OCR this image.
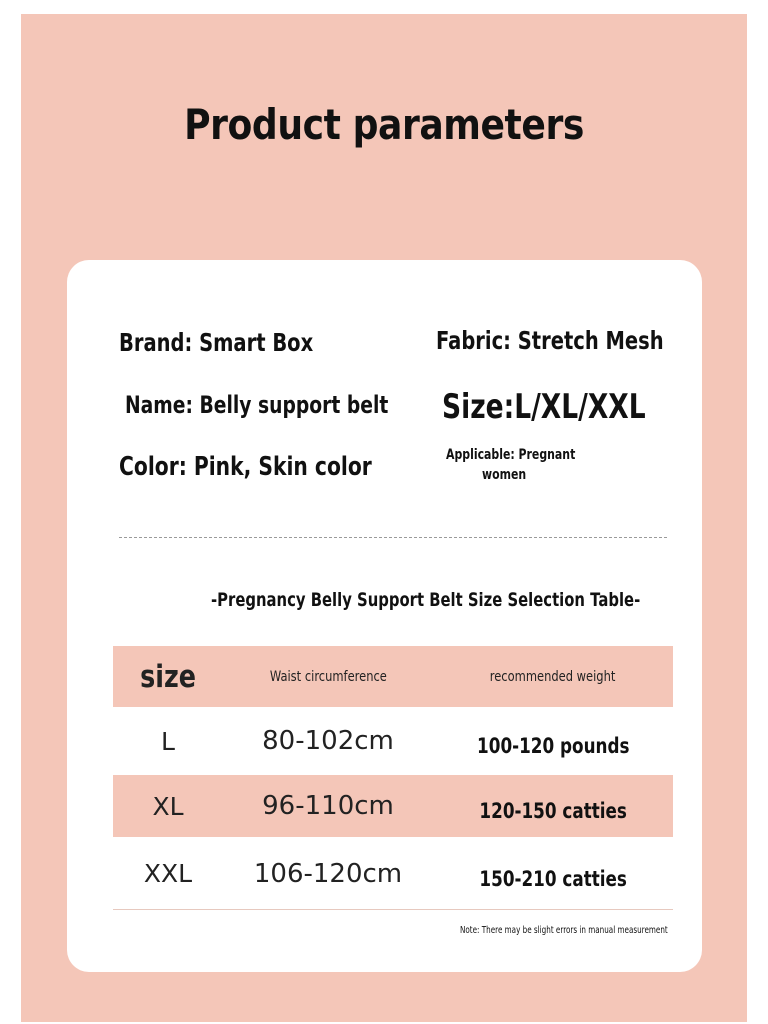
Product parameters
Brand: Smart Box	Fabric: Stretch Mesh
Name: Belly support belt Size:L/XL/XXL
Color: Pink, Skin color	Applicable: Pregnant
women
-Pregnancy Belly Support Belt Size Selection Table-
size	Waist circumference	recommended weight
L	80-102cm	100-120 pounds
XL	96-110cm	120-150 catties
XXL	106-120cm	150-210 catties
Note: There may be slight errors in manual measurement
